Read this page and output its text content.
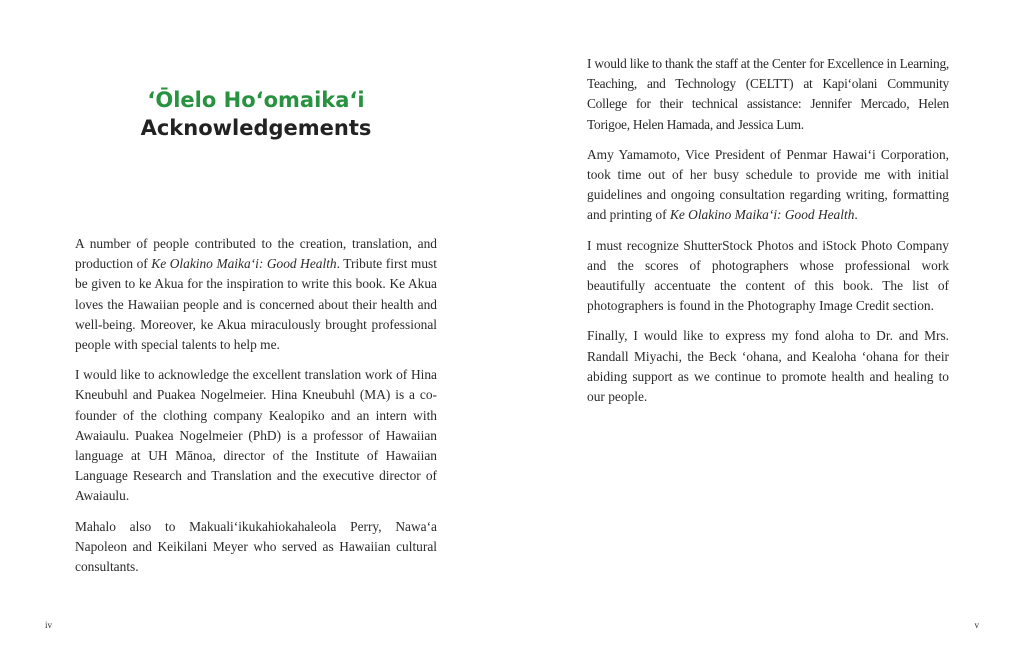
‘Ōlelo Ho‘omaika‘i
Acknowledgements

A number of people contributed to the creation, translation, and production of Ke Olakino Maika‘i: Good Health. Tribute first must be given to ke Akua for the inspiration to write this book. Ke Akua loves the Hawaiian people and is concerned about their health and well-being. Moreover, ke Akua miraculously brought professional people with special talents to help me.

I would like to acknowledge the excellent translation work of Hina Kneubuhl and Puakea Nogelmeier. Hina Kneubuhl (MA) is a co-founder of the clothing company Kealopiko and an intern with Awaiaulu. Puakea Nogelmeier (PhD) is a professor of Hawaiian language at UH Mānoa, director of the Institute of Hawaiian Language Research and Translation and the executive director of Awaiaulu.

Mahalo also to Makuali‘ikukahiokahaleola Perry, Nawa‘a Napoleon and Keikilani Meyer who served as Hawaiian cultural consultants.

iv

I would like to thank the staff at the Center for Excellence in Learning, Teaching, and Technology (CELTT) at Kapi‘olani Community College for their technical assistance: Jennifer Mercado, Helen Torigoe, Helen Hamada, and Jessica Lum.

Amy Yamamoto, Vice President of Penmar Hawai‘i Corporation, took time out of her busy schedule to provide me with initial guidelines and ongoing consultation regarding writing, formatting and printing of Ke Olakino Maika‘i: Good Health.

I must recognize ShutterStock Photos and iStock Photo Company and the scores of photographers whose professional work beautifully accentuate the content of this book. The list of photographers is found in the Photography Image Credit section.

Finally, I would like to express my fond aloha to Dr. and Mrs. Randall Miyachi, the Beck ‘ohana, and Kealoha ‘ohana for their abiding support as we continue to promote health and healing to our people.

v
